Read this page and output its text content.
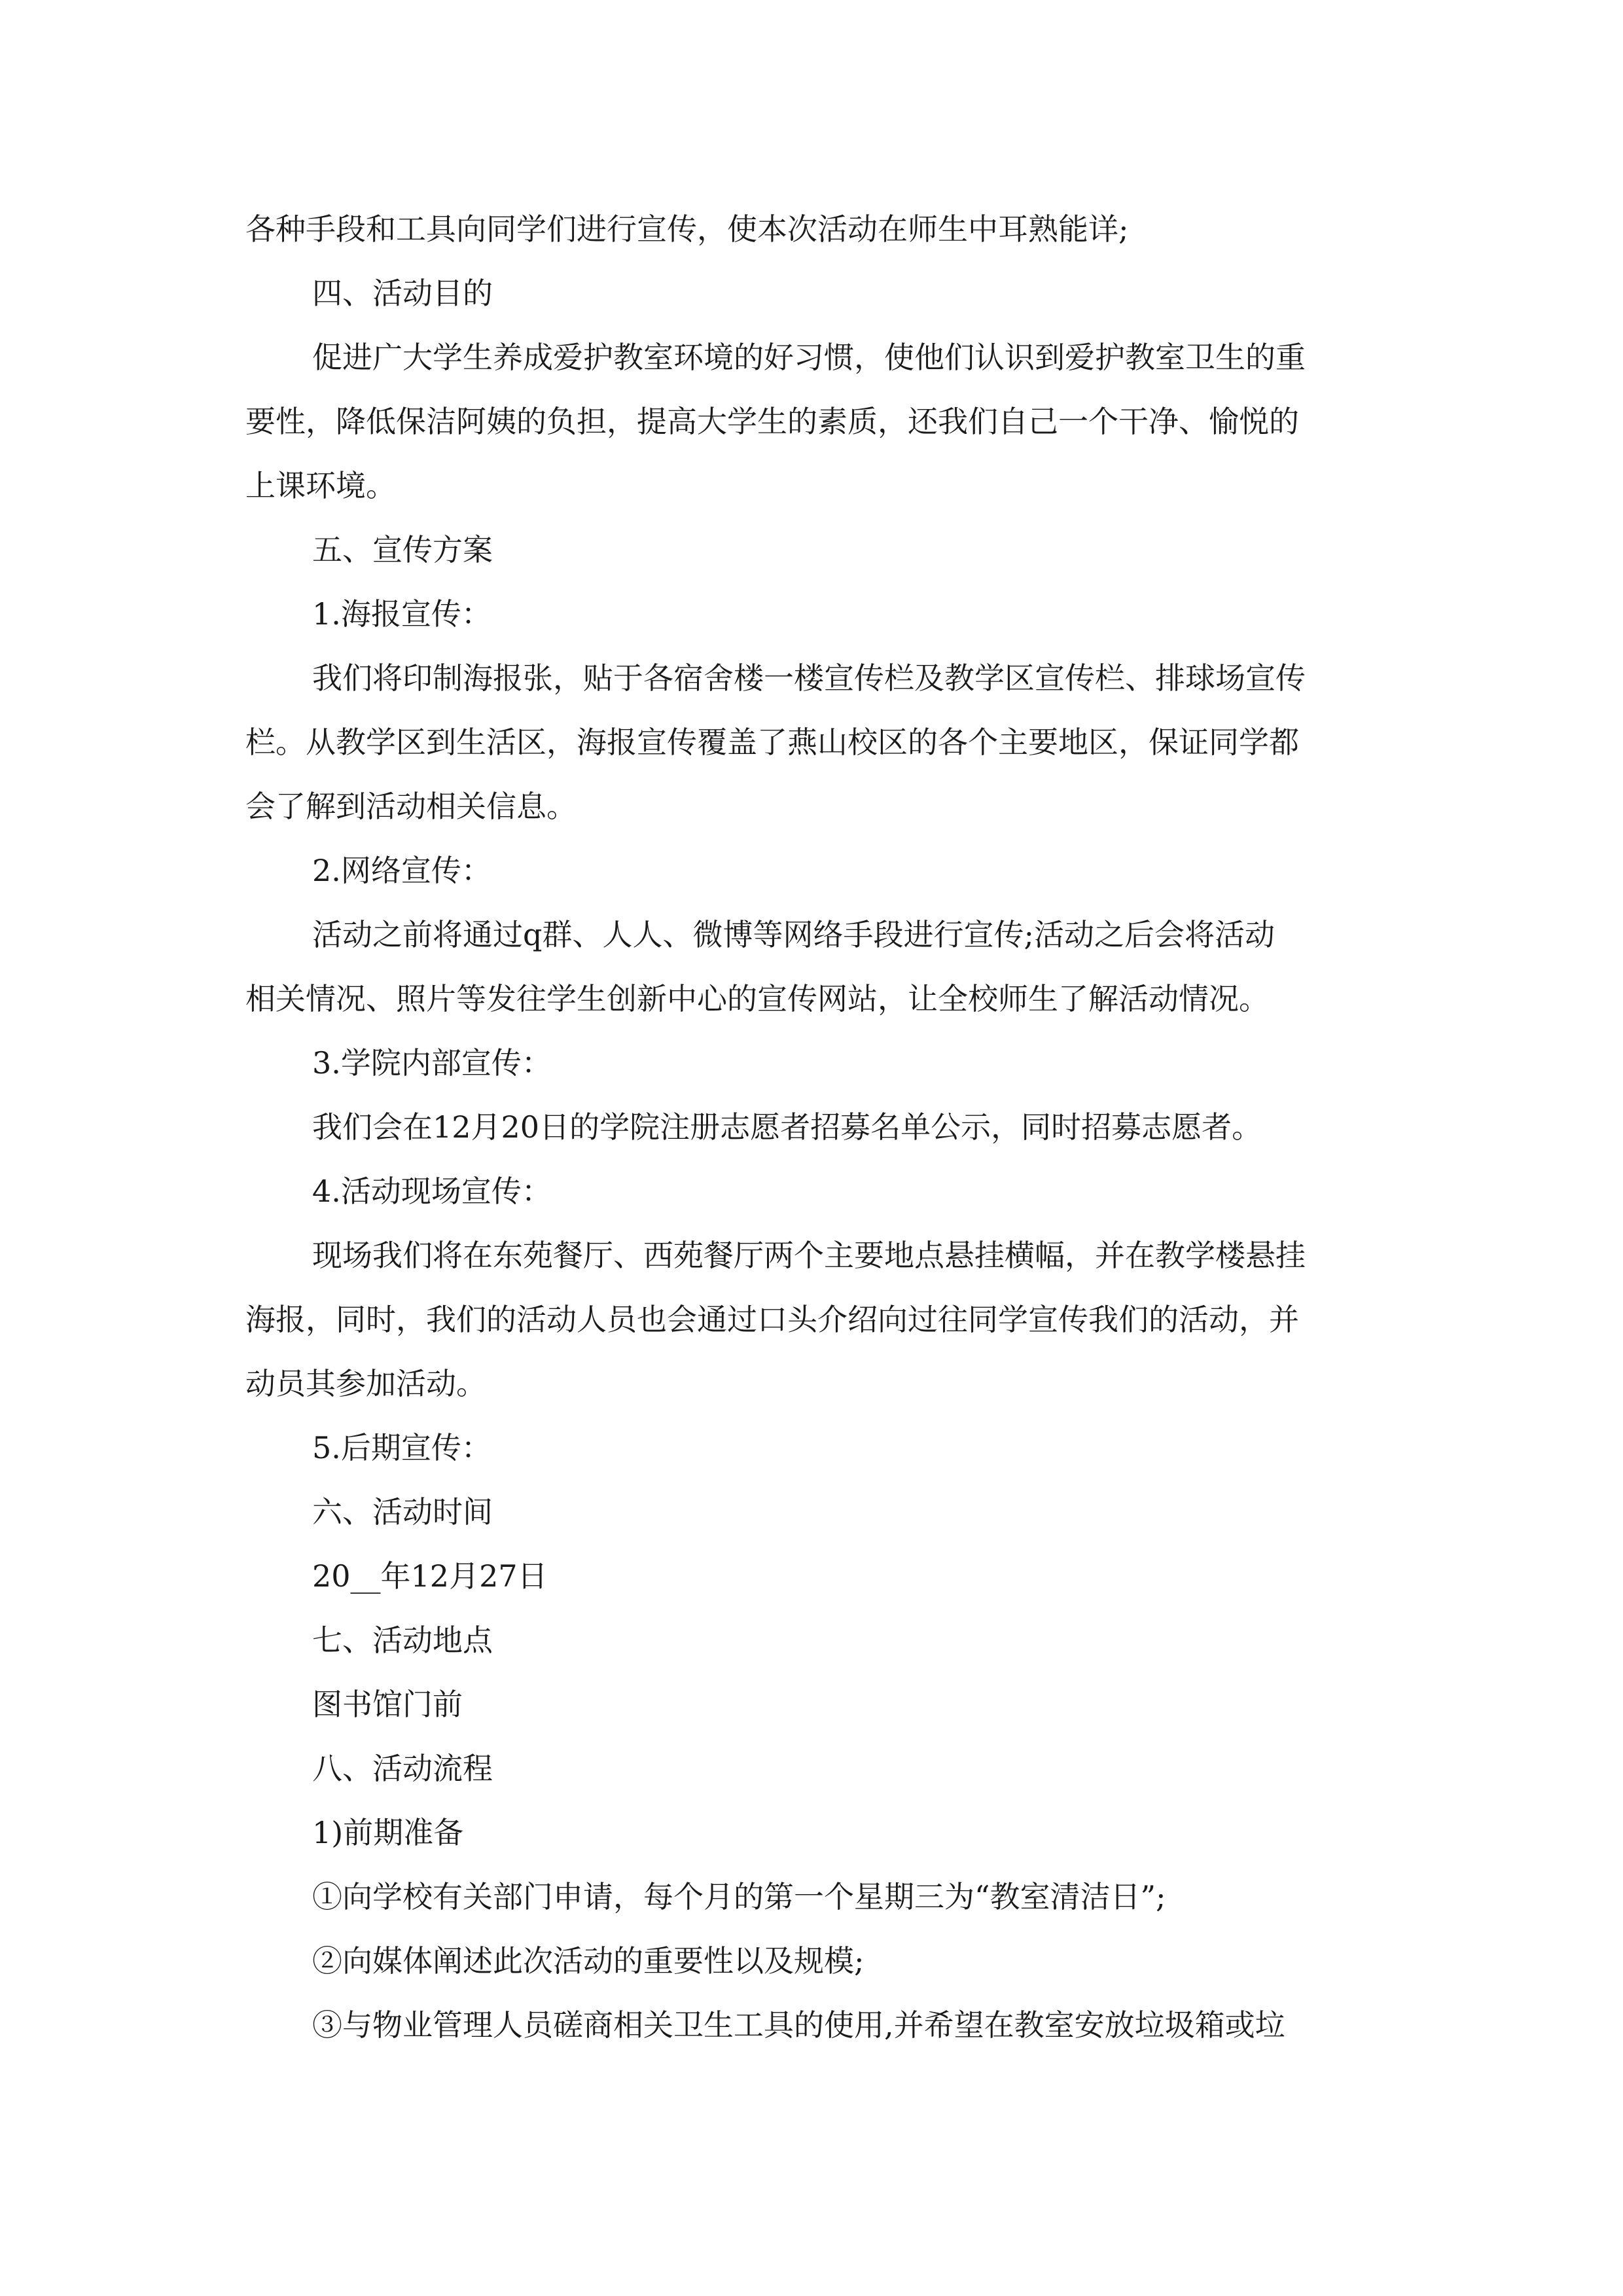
各种手段和工具向同学们进行宣传，使本次活动在师生中耳熟能详;
四、活动目的
促进广大学生养成爱护教室环境的好习惯，使他们认识到爱护教室卫生的重
要性，降低保洁阿姨的负担，提高大学生的素质，还我们自己一个干净、愉悦的
上课环境。
五、宣传方案
1.海报宣传：
我们将印制海报张，贴于各宿舍楼一楼宣传栏及教学区宣传栏、排球场宣传
栏。从教学区到生活区，海报宣传覆盖了燕山校区的各个主要地区，保证同学都
会了解到活动相关信息。
2.网络宣传：
活动之前将通过q群、人人、微博等网络手段进行宣传;活动之后会将活动
相关情况、照片等发往学生创新中心的宣传网站，让全校师生了解活动情况。
3.学院内部宣传：
我们会在12月20日的学院注册志愿者招募名单公示，同时招募志愿者。
4.活动现场宣传：
现场我们将在东苑餐厅、西苑餐厅两个主要地点悬挂横幅，并在教学楼悬挂
海报，同时，我们的活动人员也会通过口头介绍向过往同学宣传我们的活动，并
动员其参加活动。
5.后期宣传：
六、活动时间
20__年12月27日
七、活动地点
图书馆门前
八、活动流程
1)前期准备
①向学校有关部门申请，每个月的第一个星期三为“教室清洁日”;
②向媒体阐述此次活动的重要性以及规模;
③与物业管理人员磋商相关卫生工具的使用,并希望在教室安放垃圾箱或垃
